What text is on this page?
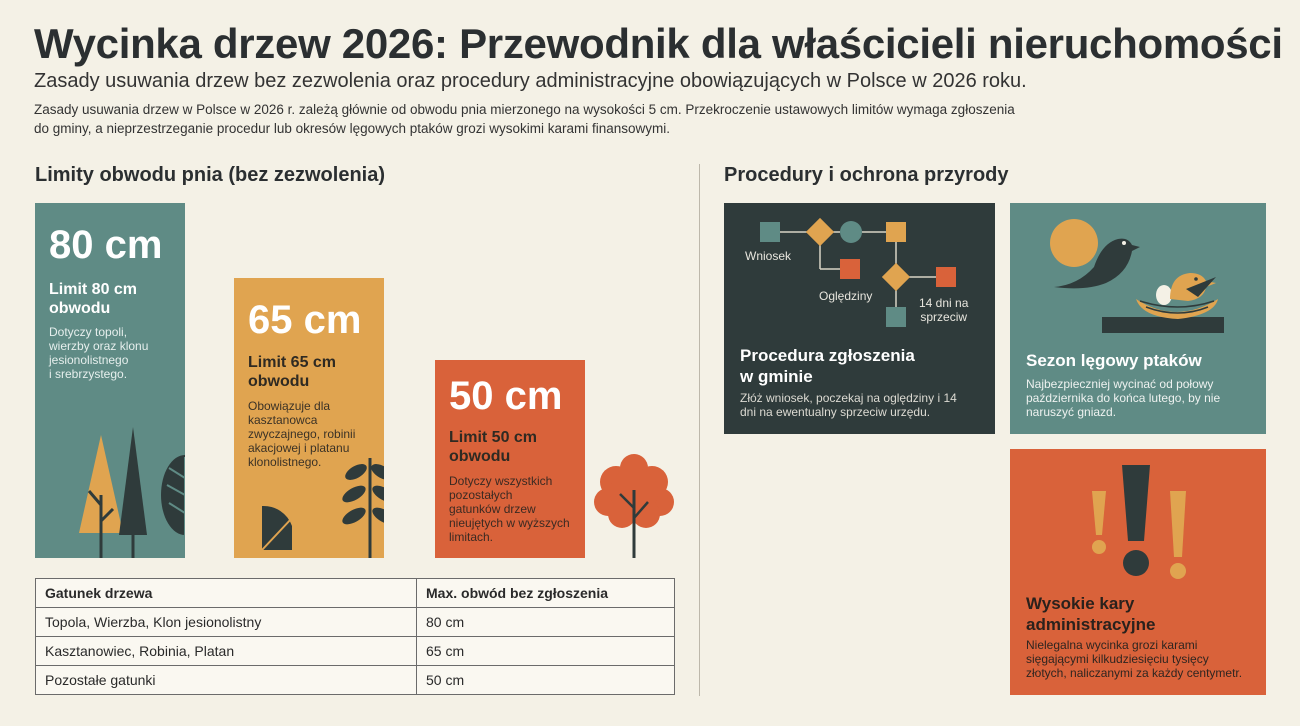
Wycinka drzew 2026: Przewodnik dla właścicieli nieruchomości
Zasady usuwania drzew bez zezwolenia oraz procedury administracyjne obowiązujących w Polsce w 2026 roku.
Zasady usuwania drzew w Polsce w 2026 r. zależą głównie od obwodu pnia mierzonego na wysokości 5 cm. Przekroczenie ustawowych limitów wymaga zgłoszenia
do gminy, a nieprzestrzeganie procedur lub okresów lęgowych ptaków grozi wysokimi karami finansowymi.
Limity obwodu pnia (bez zezwolenia)
80 cm
Limit 80 cm
obwodu
Dotyczy topoli,
wierzby oraz klonu
jesionolistnego
i srebrzystego.
65 cm
Limit 65 cm
obwodu
Obowiązuje dla
kasztanowca
zwyczajnego, robinii
akacjowej i platanu
klonolistnego.
50 cm
Limit 50 cm
obwodu
Dotyczy wszystkich
pozostałych
gatunków drzew
nieujętych w wyższych
limitach.
Gatunek drzewa	Max. obwód bez zgłoszenia
Topola, Wierzba, Klon jesionolistny	80 cm
Kasztanowiec, Robinia, Platan	65 cm
Pozostałe gatunki	50 cm
Procedury i ochrona przyrody
Wniosek
Oględziny	14 dni na
sprzeciw
Procedura zgłoszenia
w gminie
Złóż wniosek, poczekaj na oględziny i 14
dni na ewentualny sprzeciw urzędu.
Sezon lęgowy ptaków
Najbezpieczniej wycinać od połowy
października do końca lutego, by nie
naruszyć gniazd.
Wysokie kary
administracyjne
Nielegalna wycinka grozi karami
sięgającymi kilkudziesięciu tysięcy
złotych, naliczanymi za każdy centymetr.
